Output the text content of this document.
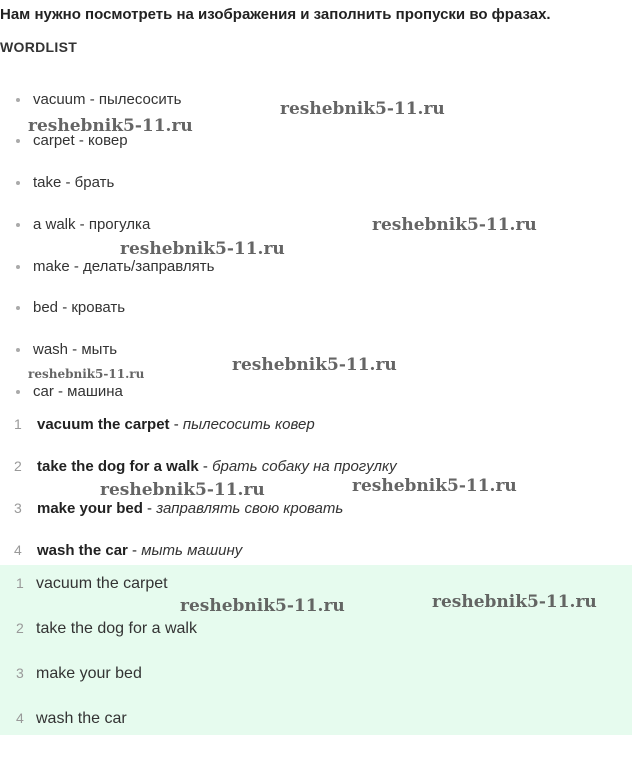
Нам нужно посмотреть на изображения и заполнить пропуски во фразах.
WORDLIST
vacuum - пылесосить
carpet - ковер
take - брать
a walk - прогулка
make - делать/заправлять
bed - кровать
wash - мыть
car - машина
1 vacuum the carpet - пылесосить ковер
2 take the dog for a walk - брать собаку на прогулку
3 make your bed - заправлять свою кровать
4 wash the car - мыть машину
1 vacuum the carpet
2 take the dog for a walk
3 make your bed
4 wash the car
reshebnik5-11.ru
reshebnik5-11.ru
reshebnik5-11.ru
reshebnik5-11.ru
reshebnik5-11.ru
reshebnik5-11.ru
reshebnik5-11.ru	reshebnik5-11.ru
reshebnik5-11.ru	reshebnik5-11.ru
